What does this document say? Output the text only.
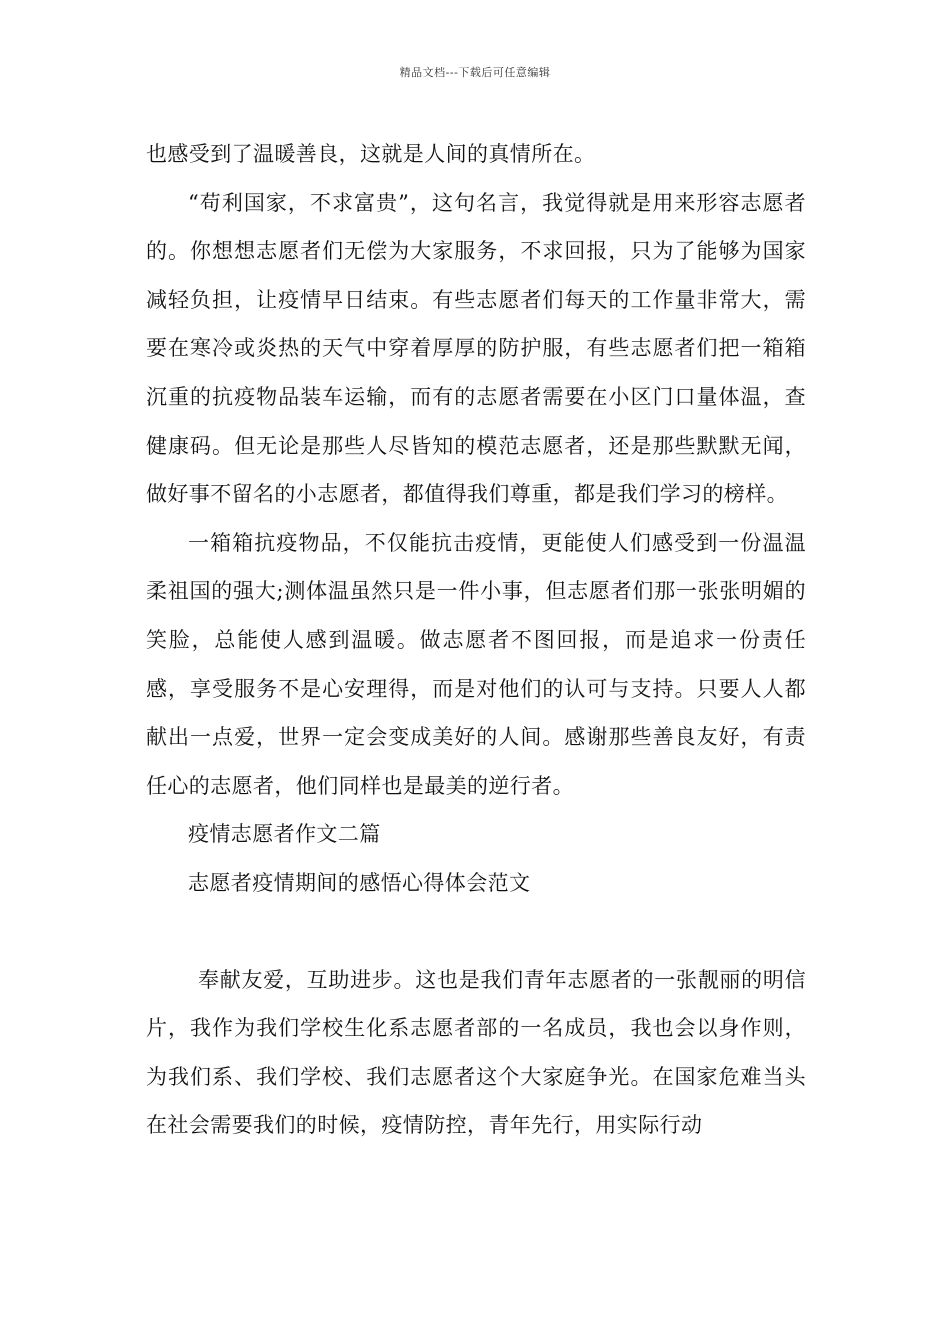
精品文档---下载后可任意编辑

也感受到了温暖善良，这就是人间的真情所在。

“苟利国家，不求富贵”，这句名言，我觉得就是用来形容志愿者的。你想想志愿者们无偿为大家服务，不求回报，只为了能够为国家减轻负担，让疫情早日结束。有些志愿者们每天的工作量非常大，需要在寒冷或炎热的天气中穿着厚厚的防护服，有些志愿者们把一箱箱沉重的抗疫物品装车运输，而有的志愿者需要在小区门口量体温，查健康码。但无论是那些人尽皆知的模范志愿者，还是那些默默无闻，做好事不留名的小志愿者，都值得我们尊重，都是我们学习的榜样。

一箱箱抗疫物品，不仅能抗击疫情，更能使人们感受到一份温温柔祖国的强大;测体温虽然只是一件小事，但志愿者们那一张张明媚的笑脸，总能使人感到温暖。做志愿者不图回报，而是追求一份责任感，享受服务不是心安理得，而是对他们的认可与支持。只要人人都献出一点爱，世界一定会变成美好的人间。感谢那些善良友好，有责任心的志愿者，他们同样也是最美的逆行者。

疫情志愿者作文二篇

志愿者疫情期间的感悟心得体会范文

奉献友爱，互助进步。这也是我们青年志愿者的一张靓丽的明信片，我作为我们学校生化系志愿者部的一名成员，我也会以身作则，为我们系、我们学校、我们志愿者这个大家庭争光。在国家危难当头在社会需要我们的时候，疫情防控，青年先行，用实际行动
